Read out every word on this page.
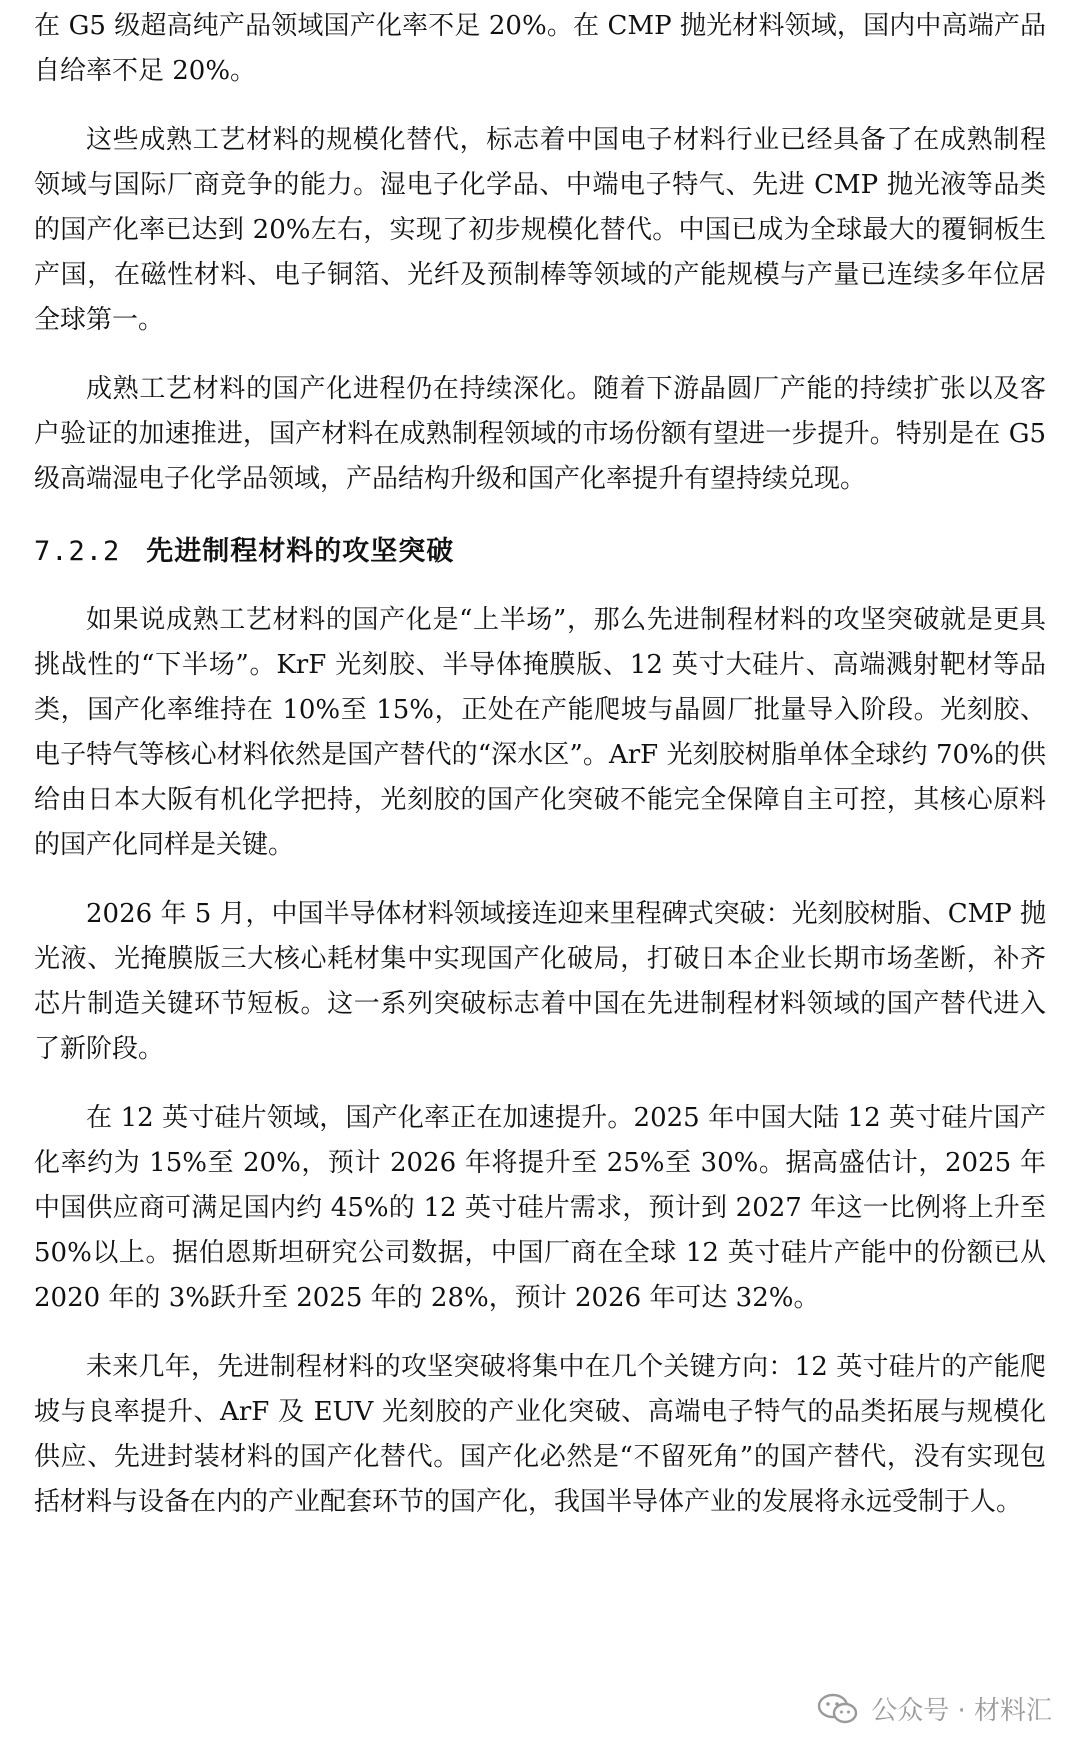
在 G5 级超高纯产品领域国产化率不足 20%。在 CMP 抛光材料领域，国内中高端产品自给率不足 20%。

这些成熟工艺材料的规模化替代，标志着中国电子材料行业已经具备了在成熟制程领域与国际厂商竞争的能力。湿电子化学品、中端电子特气、先进 CMP 抛光液等品类的国产化率已达到 20%左右，实现了初步规模化替代。中国已成为全球最大的覆铜板生产国，在磁性材料、电子铜箔、光纤及预制棒等领域的产能规模与产量已连续多年位居全球第一。

成熟工艺材料的国产化进程仍在持续深化。随着下游晶圆厂产能的持续扩张以及客户验证的加速推进，国产材料在成熟制程领域的市场份额有望进一步提升。特别是在 G5 级高端湿电子化学品领域，产品结构升级和国产化率提升有望持续兑现。

7.2.2 先进制程材料的攻坚突破

如果说成熟工艺材料的国产化是“上半场”，那么先进制程材料的攻坚突破就是更具挑战性的“下半场”。KrF 光刻胶、半导体掩膜版、12 英寸大硅片、高端溅射靶材等品类，国产化率维持在 10%至 15%，正处在产能爬坡与晶圆厂批量导入阶段。光刻胶、电子特气等核心材料依然是国产替代的“深水区”。ArF 光刻胶树脂单体全球约 70%的供给由日本大阪有机化学把持，光刻胶的国产化突破不能完全保障自主可控，其核心原料的国产化同样是关键。

2026 年 5 月，中国半导体材料领域接连迎来里程碑式突破：光刻胶树脂、CMP 抛光液、光掩膜版三大核心耗材集中实现国产化破局，打破日本企业长期市场垄断，补齐芯片制造关键环节短板。这一系列突破标志着中国在先进制程材料领域的国产替代进入了新阶段。

在 12 英寸硅片领域，国产化率正在加速提升。2025 年中国大陆 12 英寸硅片国产化率约为 15%至 20%，预计 2026 年将提升至 25%至 30%。据高盛估计，2025 年中国供应商可满足国内约 45%的 12 英寸硅片需求，预计到 2027 年这一比例将上升至 50%以上。据伯恩斯坦研究公司数据，中国厂商在全球 12 英寸硅片产能中的份额已从 2020 年的 3%跃升至 2025 年的 28%，预计 2026 年可达 32%。

未来几年，先进制程材料的攻坚突破将集中在几个关键方向：12 英寸硅片的产能爬坡与良率提升、ArF 及 EUV 光刻胶的产业化突破、高端电子特气的品类拓展与规模化供应、先进封装材料的国产化替代。国产化必然是“不留死角”的国产替代，没有实现包括材料与设备在内的产业配套环节的国产化，我国半导体产业的发展将永远受制于人。

公众号 · 材料汇
